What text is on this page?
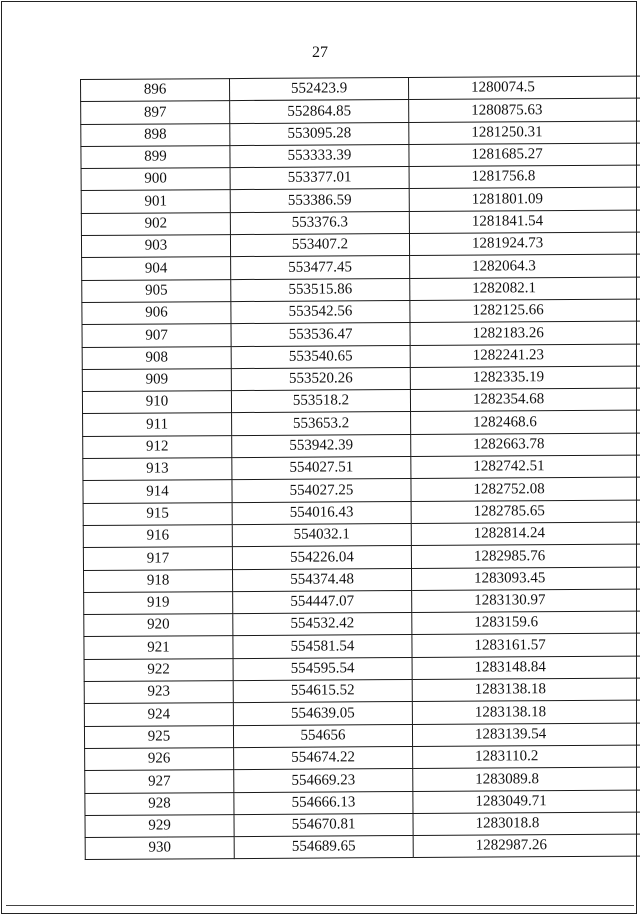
27
896	552423.9	1280074.5
897	552864.85	1280875.63
898	553095.28	1281250.31
899	553333.39	1281685.27
900	553377.01	1281756.8
901	553386.59	1281801.09
902	553376.3	1281841.54
903	553407.2	1281924.73
904	553477.45	1282064.3
905	553515.86	1282082.1
906	553542.56	1282125.66
907	553536.47	1282183.26
908	553540.65	1282241.23
909	553520.26	1282335.19
910	553518.2	1282354.68
911	553653.2	1282468.6
912	553942.39	1282663.78
913	554027.51	1282742.51
914	554027.25	1282752.08
915	554016.43	1282785.65
916	554032.1	1282814.24
917	554226.04	1282985.76
918	554374.48	1283093.45
919	554447.07	1283130.97
920	554532.42	1283159.6
921	554581.54	1283161.57
922	554595.54	1283148.84
923	554615.52	1283138.18
924	554639.05	1283138.18
925	554656	1283139.54
926	554674.22	1283110.2
927	554669.23	1283089.8
928	554666.13	1283049.71
929	554670.81	1283018.8
930	554689.65	1282987.26
